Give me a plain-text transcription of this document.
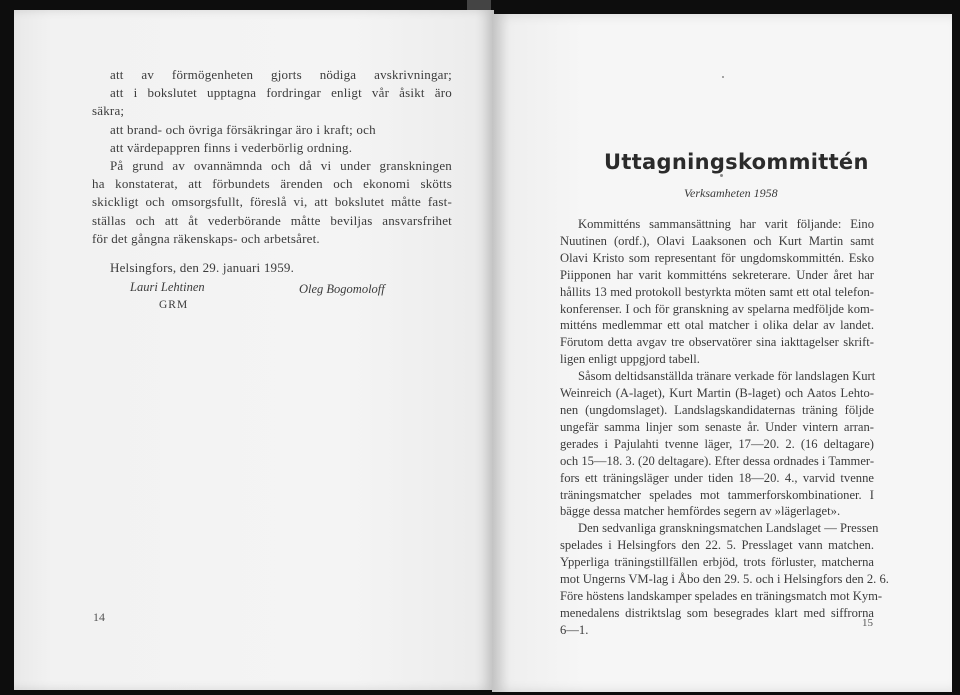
att av förmögenheten gjorts nödiga avskrivningar;
att i bokslutet upptagna fordringar enligt vår åsikt äro
säkra;
att brand- och övriga försäkringar äro i kraft; och
att värdepappren finns i vederbörlig ordning.
På grund av ovannämnda och då vi under granskningen
ha konstaterat, att förbundets ärenden och ekonomi skötts
skickligt och omsorgsfullt, föreslå vi, att bokslutet måtte fast-
ställas och att åt vederbörande måtte beviljas ansvarsfrihet
för det gångna räkenskaps- och arbetsåret.
Helsingfors, den 29. januari 1959.
Lauri Lehtinen
GRM
Oleg Bogomoloff
14
Uttagningskommittén
Verksamheten 1958
Kommitténs sammansättning har varit följande: Eino
Nuutinen (ordf.), Olavi Laaksonen och Kurt Martin samt
Olavi Kristo som representant för ungdomskommittén. Esko
Piipponen har varit kommitténs sekreterare. Under året har
hållits 13 med protokoll bestyrkta möten samt ett otal telefon-
konferenser. I och för granskning av spelarna medföljde kom-
mitténs medlemmar ett otal matcher i olika delar av landet.
Förutom detta avgav tre observatörer sina iakttagelser skrift-
ligen enligt uppgjord tabell.
Såsom deltidsanställda tränare verkade för landslagen Kurt
Weinreich (A-laget), Kurt Martin (B-laget) och Aatos Lehto-
nen (ungdomslaget). Landslagskandidaternas träning följde
ungefär samma linjer som senaste år. Under vintern arran-
gerades i Pajulahti tvenne läger, 17—20. 2. (16 deltagare)
och 15—18. 3. (20 deltagare). Efter dessa ordnades i Tammer-
fors ett träningsläger under tiden 18—20. 4., varvid tvenne
träningsmatcher spelades mot tammerforskombinationer. I
bägge dessa matcher hemfördes segern av »lägerlaget».
Den sedvanliga granskningsmatchen Landslaget — Pressen
spelades i Helsingfors den 22. 5. Presslaget vann matchen.
Ypperliga träningstillfällen erbjöd, trots förluster, matcherna
mot Ungerns VM-lag i Åbo den 29. 5. och i Helsingfors den 2. 6.
Före höstens landskamper spelades en träningsmatch mot Kym-
menedalens distriktslag som besegrades klart med siffrorna
6—1.	15
